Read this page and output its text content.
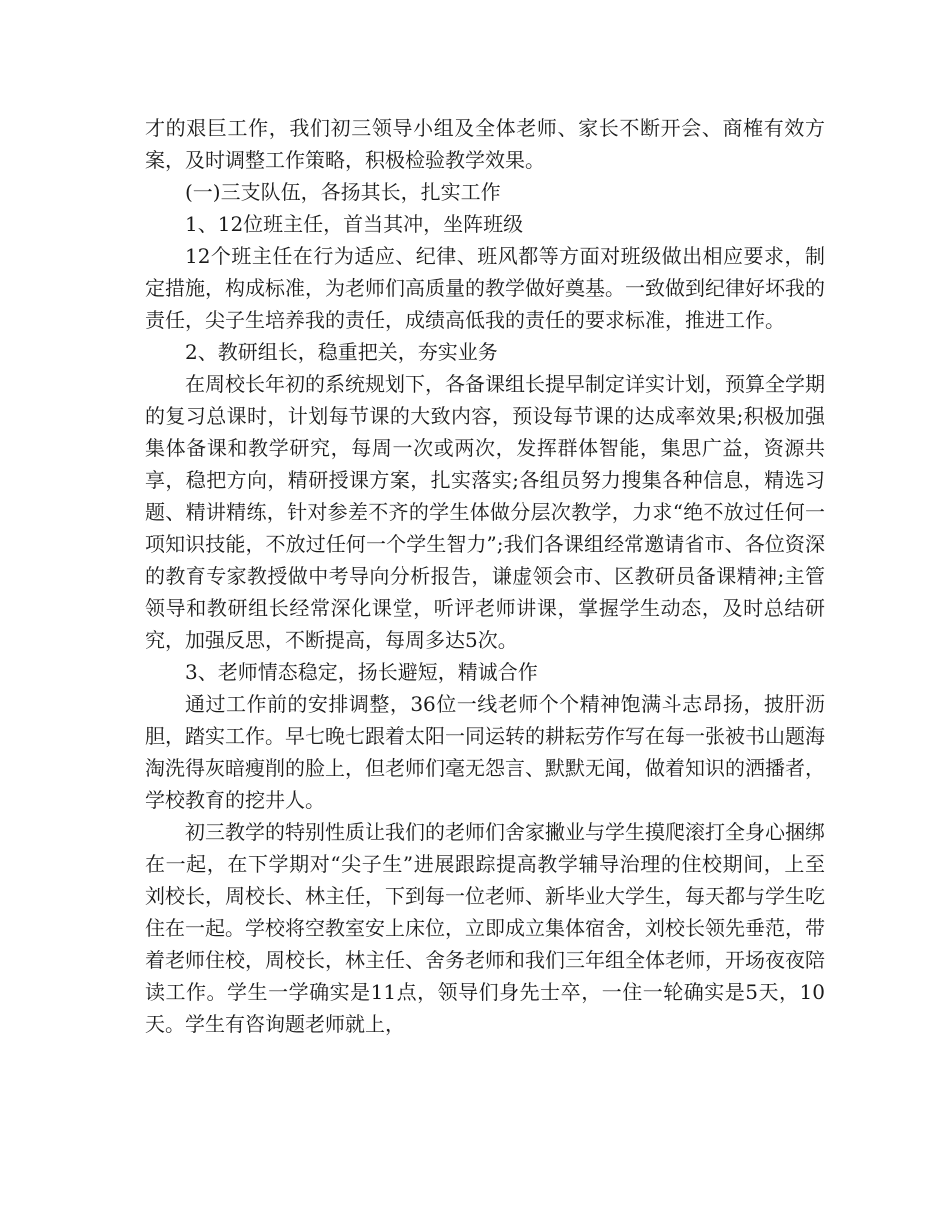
才的艰巨工作，我们初三领导小组及全体老师、家长不断开会、商榷有效方案，及时调整工作策略，积极检验教学效果。

(一)三支队伍，各扬其长，扎实工作

1、12位班主任，首当其冲，坐阵班级

12个班主任在行为适应、纪律、班风都等方面对班级做出相应要求，制定措施，构成标准，为老师们高质量的教学做好奠基。一致做到纪律好坏我的责任，尖子生培养我的责任，成绩高低我的责任的要求标准，推进工作。

2、教研组长，稳重把关，夯实业务

在周校长年初的系统规划下，各备课组长提早制定详实计划，预算全学期的复习总课时，计划每节课的大致内容，预设每节课的达成率效果;积极加强集体备课和教学研究，每周一次或两次，发挥群体智能，集思广益，资源共享，稳把方向，精研授课方案，扎实落实;各组员努力搜集各种信息，精选习题、精讲精练，针对参差不齐的学生体做分层次教学，力求“绝不放过任何一项知识技能，不放过任何一个学生智力”;我们各课组经常邀请省市、各位资深的教育专家教授做中考导向分析报告，谦虚领会市、区教研员备课精神;主管领导和教研组长经常深化课堂，听评老师讲课，掌握学生动态，及时总结研究，加强反思，不断提高，每周多达5次。

3、老师情态稳定，扬长避短，精诚合作

通过工作前的安排调整，36位一线老师个个精神饱满斗志昂扬，披肝沥胆，踏实工作。早七晚七跟着太阳一同运转的耕耘劳作写在每一张被书山题海淘洗得灰暗瘦削的脸上，但老师们毫无怨言、默默无闻，做着知识的洒播者，学校教育的挖井人。

初三教学的特别性质让我们的老师们舍家撇业与学生摸爬滚打全身心捆绑在一起，在下学期对“尖子生”进展跟踪提高教学辅导治理的住校期间，上至刘校长，周校长、林主任，下到每一位老师、新毕业大学生，每天都与学生吃住在一起。学校将空教室安上床位，立即成立集体宿舍，刘校长领先垂范，带着老师住校，周校长，林主任、舍务老师和我们三年组全体老师，开场夜夜陪读工作。学生一学确实是11点，领导们身先士卒，一住一轮确实是5天，10天。学生有咨询题老师就上，
